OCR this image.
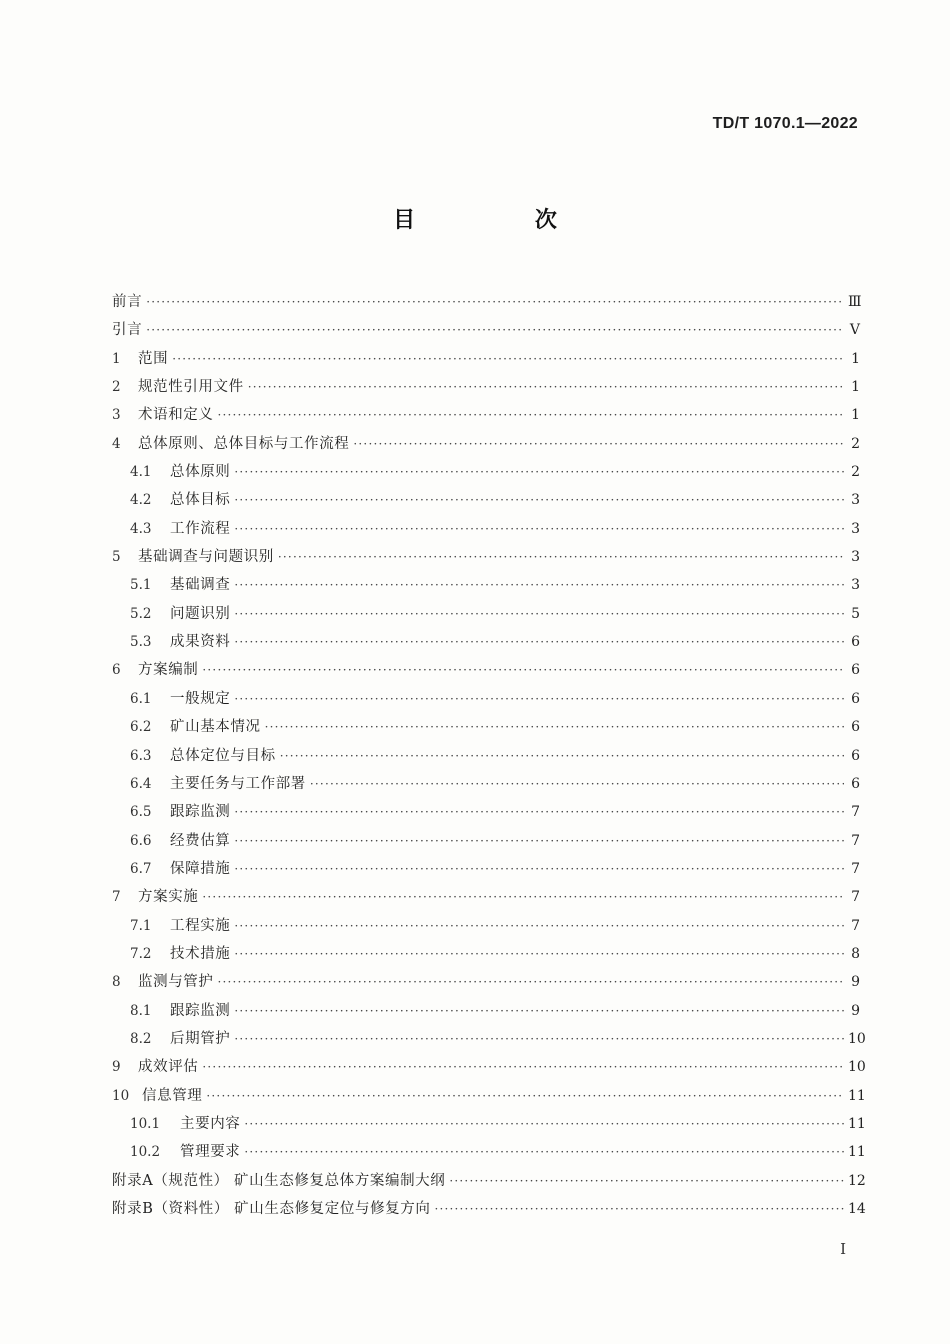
TD/T 1070.1—2022
目 次
前言 ·····	Ⅲ
引言 ·····	Ⅴ
1	范围 ·····	1
2	规范性引用文件 ·····	1
3	术语和定义 ·····	1
4	总体原则、总体目标与工作流程 ·····	2
4.1	总体原则 ·····	2
4.2	总体目标 ·····	3
4.3	工作流程 ·····	3
5	基础调查与问题识别 ·····	3
5.1	基础调查 ·····	3
5.2	问题识别 ·····	5
5.3	成果资料 ·····	6
6	方案编制 ·····	6
6.1	一般规定 ·····	6
6.2	矿山基本情况 ·····	6
6.3	总体定位与目标 ·····	6
6.4	主要任务与工作部署 ·····	6
6.5	跟踪监测 ·····	7
6.6	经费估算 ·····	7
6.7	保障措施 ·····	7
7	方案实施 ·····	7
7.1	工程实施 ·····	7
7.2	技术措施 ·····	8
8	监测与管护 ·····	9
8.1	跟踪监测 ·····	9
8.2	后期管护 ·····	10
9	成效评估 ·····	10
10 信息管理 ·····	11
10.1	主要内容 ·····	11
10.2	管理要求 ·····	11
附录A（规范性） 矿山生态修复总体方案编制大纲 ·····	12
附录B（资料性） 矿山生态修复定位与修复方向 ·····	14
Ⅰ
